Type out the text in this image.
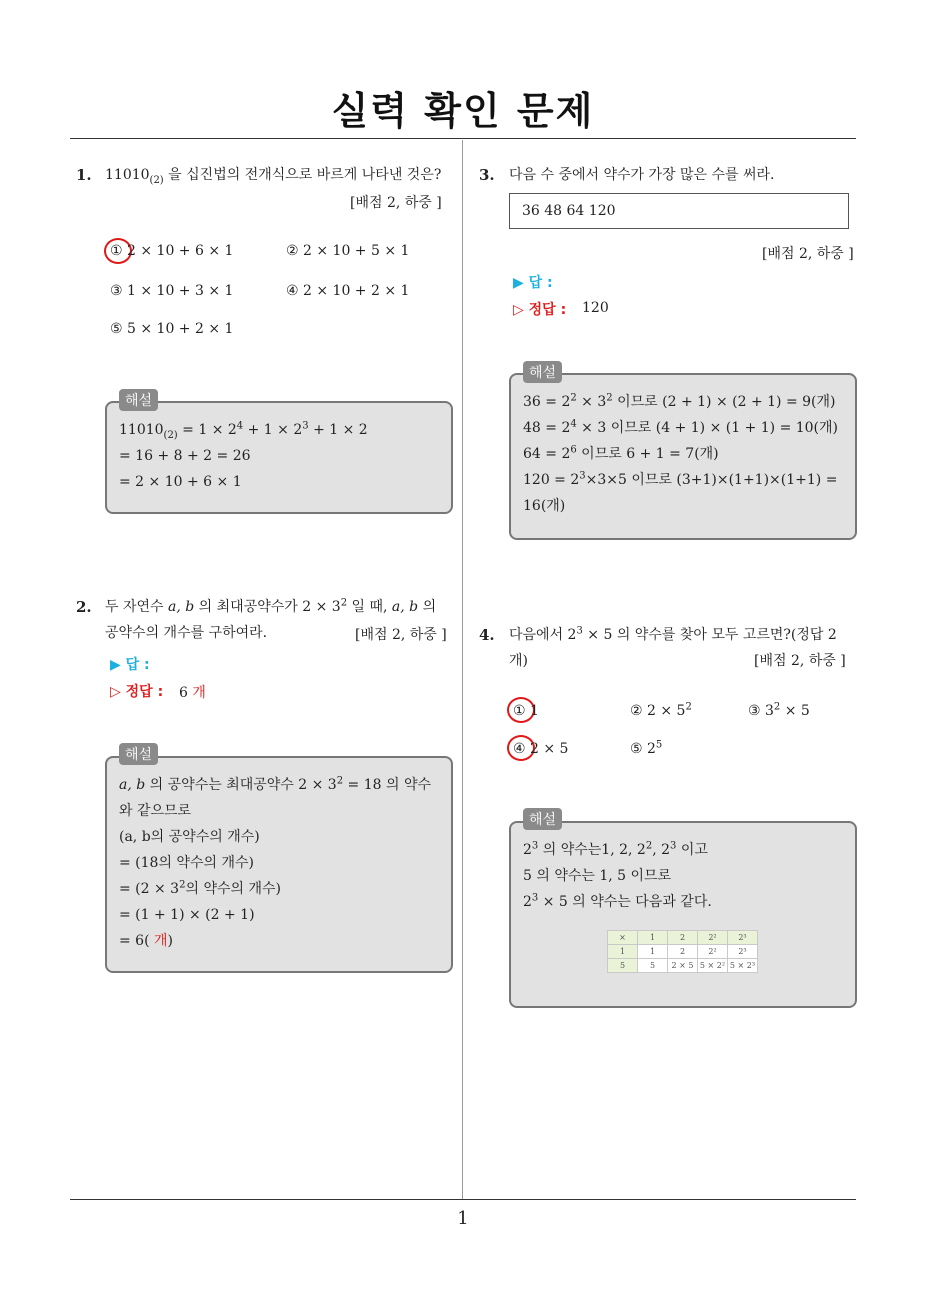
실력 확인 문제
1
1. $11010_{(2)}$ 을 십진법의 전개식으로 바르게 나타낸 것은?
[배점 2, 하중 ]
① 2 × 10 + 6 × 1	② 2 × 10 + 5 × 1
③ 1 × 10 + 3 × 1	④ 2 × 10 + 2 × 1
⑤ 5 × 10 + 2 × 1
$11010_{(2)} = 1 \times 2^4 + 1 \times 2^3 + 1 \times 2$
= 16 + 8 + 2 = 26
= 2 × 10 + 6 × 1
해설
2. 두 자연수 a, b 의 최대공약수가 $2 \times 3^2$ 일 때, a, b 의
공약수의 개수를 구하여라.	[배점 2, 하중 ]
▶ 답 :
▷ 정답 : 6 개
a, b 의 공약수는 최대공약수 $2 \times 3^2 = 18$ 의 약수
와 같으므로
(a, b의 공약수의 개수)
= (18의 약수의 개수)
= ($2 \times 3^2$의 약수의 개수)
= (1 + 1) × (2 + 1)
= 6( 개)
해설
3. 다음 수 중에서 약수가 가장 많은 수를 써라.
36 48 64 120
[배점 2, 하중 ]
▶ 답 :
▷ 정답 : 120
$36 = 2^2 \times 3^2$ 이므로 (2 + 1) × (2 + 1) = 9(개)
$48 = 2^4 \times 3$ 이므로 (4 + 1) × (1 + 1) = 10(개)
$64 = 2^6$ 이므로 6 + 1 = 7(개)
$120 = 2^3\times 3\times 5$ 이므로 (3+1)×(1+1)×(1+1) =
16(개)
해설
4. 다음에서 $2^3 \times 5$ 의 약수를 찾아 모두 고르면?(정답 2
개)	[배점 2, 하중 ]
① 1	② $2 \times 5^2$	③ $3^2 \times 5$
④ 2 × 5	⑤ $2^5$
$2^3$ 의 약수는1, 2, $2^2$, $2^3$ 이고
5 의 약수는 1, 5 이므로
$2^3 \times 5$ 의 약수는 다음과 같다.
해설
×	1	2	2²	2³
1	1	2	2²	2³
5	5	2 × 5	5 × 2²	5 × 2³
